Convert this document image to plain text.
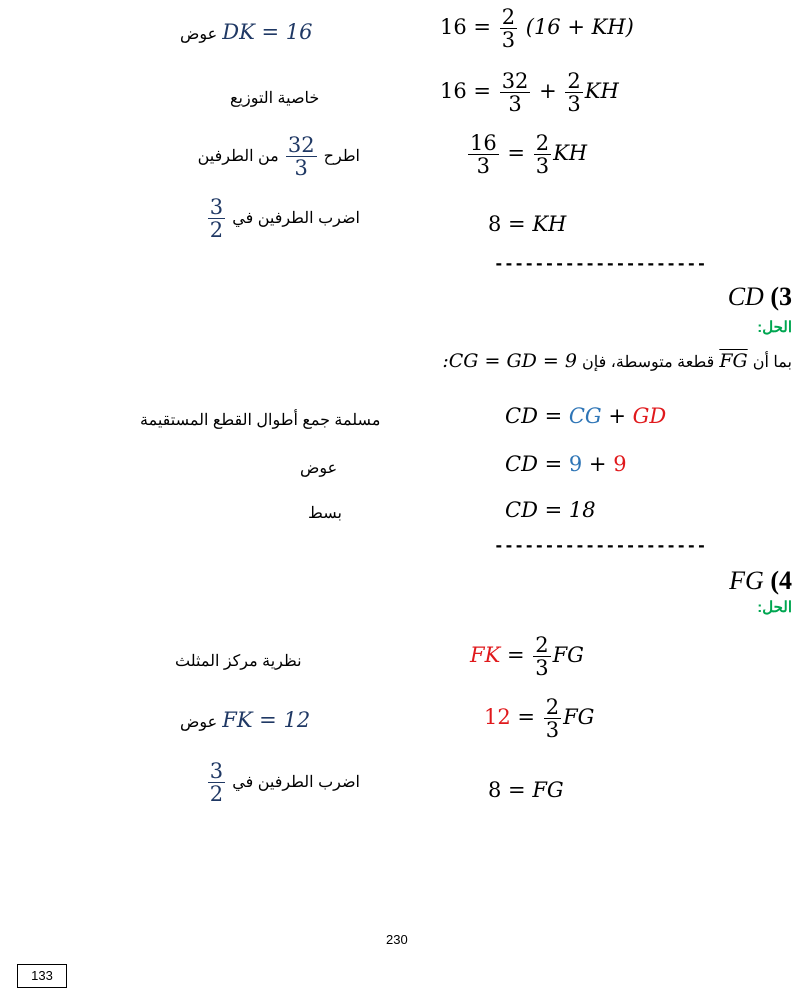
$16 = \frac{2}{3} (16 + KH)$
عوض DK = 16
$16 = \frac{32}{3} + \frac{2}{3}$ KH
خاصية التوزيع
$\frac{16}{3} = \frac{2}{3}$ KH
اطرح
$\frac{32}{3}$
من الطرفين
8 = KH
اضرب الطرفين في
$\frac{3}{2}$
---------------------
CD (3
الحل:
بما أن FG قطعة متوسطة، فإن :CG = GD = 9
CD = CG + GD
مسلمة جمع أطوال القطع المستقيمة
CD = 9 + 9
عوض
CD = 18
بسط
---------------------
FG (4
الحل:
FK = $\frac{2}{3}$ FG
نظرية مركز المثلث
$12 = \frac{2}{3}$ FG
عوض FK = 12
8 = FG
اضرب الطرفين في
$\frac{3}{2}$
230
133
